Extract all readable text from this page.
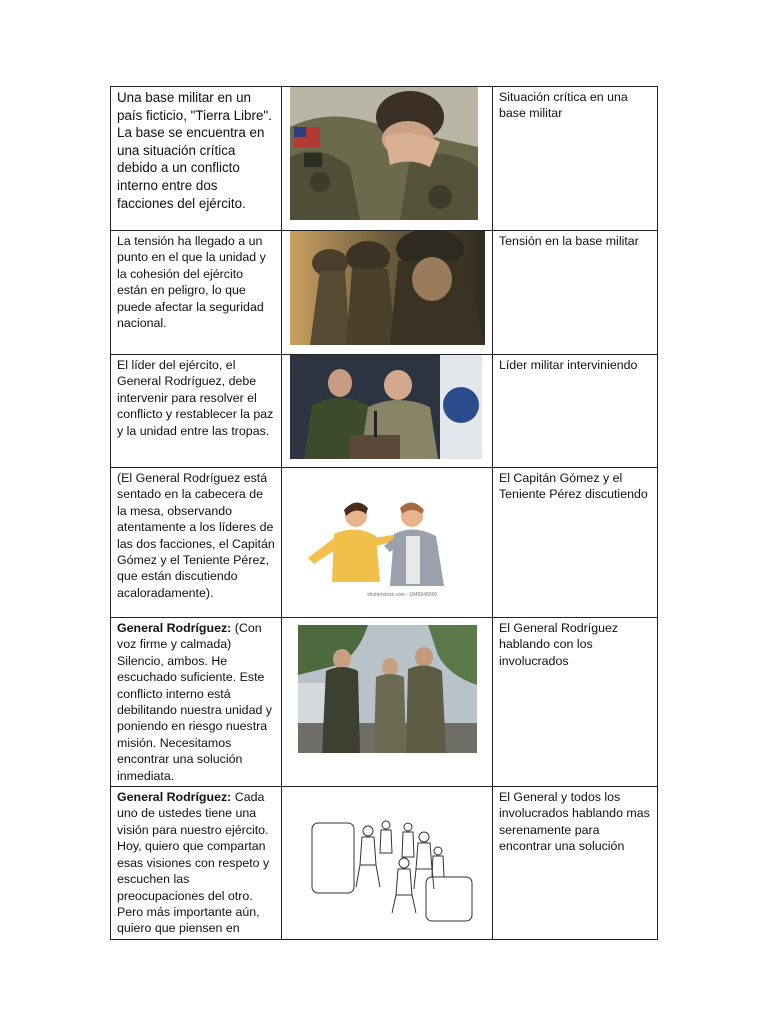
Una base militar en un país ficticio, "Tierra Libre". La base se encuentra en una situación crítica debido a un conflicto interno entre dos facciones del ejército.		Situación crítica en una base militar
La tensión ha llegado a un punto en el que la unidad y la cohesión del ejército están en peligro, lo que puede afectar la seguridad nacional.		Tensión en la base militar
El líder del ejército, el General Rodríguez, debe intervenir para resolver el conflicto y restablecer la paz y la unidad entre las tropas.		Líder militar interviniendo
(El General Rodríguez está sentado en la cabecera de la mesa, observando atentamente a los líderes de las dos facciones, el Capitán Gómez y el Teniente Pérez, que están discutiendo acaloradamente).	shutterstock.com · 1845048000	El Capitán Gómez y el Teniente Pérez discutiendo
General Rodríguez: (Con voz firme y calmada) Silencio, ambos. He escuchado suficiente. Este conflicto interno está debilitando nuestra unidad y poniendo en riesgo nuestra misión. Necesitamos encontrar una solución inmediata.		El General Rodríguez hablando con los involucrados
General Rodríguez: Cada uno de ustedes tiene una visión para nuestro ejército. Hoy, quiero que compartan esas visiones con respeto y escuchen las preocupaciones del otro. Pero más importante aún, quiero que piensen en		El General y todos los involucrados hablando mas serenamente para encontrar una solución
